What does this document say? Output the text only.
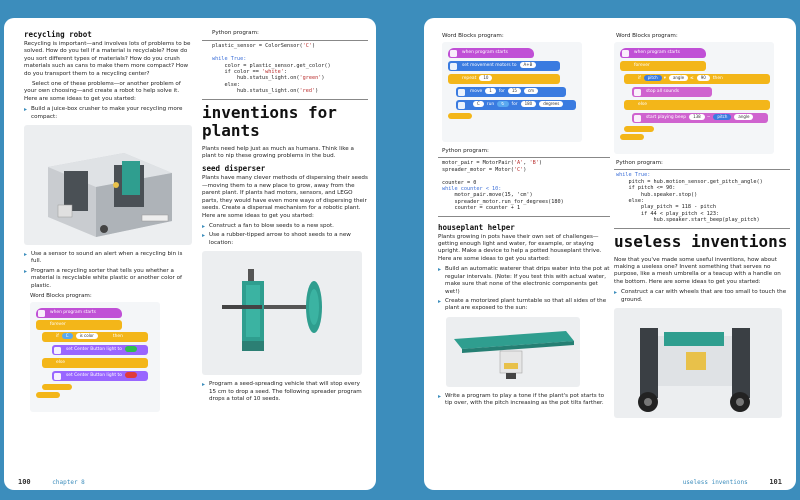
recycling robot
Recycling is important—and involves lots of problems to be solved. How do you tell if a material is recyclable? How do you sort different types of materials? How do you crush materials such as cans to make them more compact? How do you transport them to a recycling center?
Select one of these problems—or another problem of your own choosing—and create a robot to help solve it. Here are some ideas to get you started:
▸ Build a juice-box crusher to make your recycling more compact:
▸ Use a sensor to sound an alert when a recycling bin is full.
▸ Program a recycling sorter that tells you whether a material is recyclable white plastic or another color of plastic.
Word Blocks program:
when program starts
forever
if C	is color	then
set Center Button light to __
else
set Center Button light to __
Python program:
plastic_sensor = ColorSensor('C')

while True:
color = plastic_sensor.get_color()
if color == 'white':
hub.status_light.on('green')
else:
hub.status_light.on('red')
inventions for plants
Plants need help just as much as humans. Think like a plant to nip these growing problems in the bud.
seed disperser
Plants have many clever methods of dispersing their seeds—moving them to a new place to grow, away from the parent plant. If plants had motors, sensors, and LEGO parts, they would have even more ways of dispersing their seeds. Create a dispersal mechanism for a robotic plant. Here are some ideas to get you started:
▸ Construct a fan to blow seeds to a new spot.
▸ Use a rubber-tipped arrow to shoot seeds to a new location:
▸ Program a seed-spreading vehicle that will stop every 15 cm to drop a seed. The following spreader program drops a total of 10 seeds.
100	chapter 8
Word Blocks program:
when program starts
set movement motors to A+B
repeat 10
move 1 for 15	cm
C run ↻ for 180	degrees
Python program:
motor_pair = MotorPair('A', 'B')
spreader_motor = Motor('C')

counter = 0
while counter < 10:
motor_pair.move(15, 'cm')
spreader_motor.run_for_degrees(180)
counter = counter + 1
houseplant helper
Plants growing in pots have their own set of challenges—getting enough light and water, for example, or staying upright. Make a device to help a potted houseplant thrive. Here are some ideas to get you started:
▸ Build an automatic waterer that drips water into the pot at regular intervals. (Note: If you test this with actual water, make sure that none of the electronic components get wet!)
▸ Create a motorized plant turntable so that all sides of the plant are exposed to the sun:
▸ Write a program to play a tone if the plant's pot starts to tip over, with the pitch increasing as the pot tilts farther.
Word Blocks program:
when program starts
forever
if pitch ▾ angle ≤ 90 then
stop all sounds
else
start playing beep 138 − pitch	angle
Python program:
while True:
pitch = hub.motion_sensor.get_pitch_angle()
if pitch <= 90:
hub.speaker.stop()
else:
play_pitch = 118 - pitch
if 44 < play_pitch < 123:
hub.speaker.start_beep(play_pitch)
useless inventions
Now that you've made some useful inventions, how about making a useless one? Invent something that serves no purpose, like a mesh umbrella or a teacup with a handle on the bottom. Here are some ideas to get you started:
▸ Construct a car with wheels that are too small to touch the ground.
useless inventions	101
